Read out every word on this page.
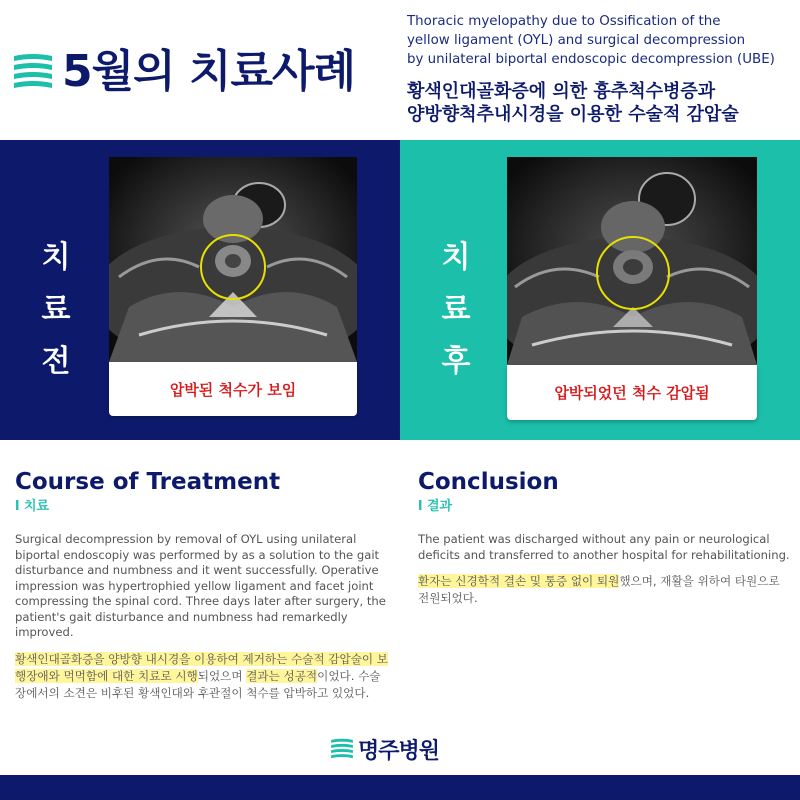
5월의 치료사례
Thoracic myelopathy due to Ossification of the
yellow ligament (OYL) and surgical decompression
by unilateral biportal endoscopic decompression (UBE)
황색인대골화증에 의한 흉추척수병증과
양방향척추내시경을 이용한 수술적 감압술
치
료
전
압박된 척수가 보임
치
료
후
압박되었던 척수 감압됨
Course of Treatment
l 치료
Surgical decompression by removal of OYL using unilateral biportal endoscopiy was performed by as a solution to the gait disturbance and numbness and it went successfully. Operative impression was hypertrophied yellow ligament and facet joint compressing the spinal cord. Three days later after surgery, the patient's gait disturbance and numbness had remarkedly improved.
황색인대골화증을 양방향 내시경을 이용하여 제거하는 수술적 감압술이 보행장애와 먹먹함에 대한 치료로 시행되었으며 결과는 성공적이었다. 수술장에서의 소견은 비후된 황색인대와 후관절이 척수를 압박하고 있었다.
Conclusion
l 결과
The patient was discharged without any pain or neurological deficits and transferred to another hospital for rehabilitationing.
환자는 신경학적 결손 및 통증 없이 퇴원했으며, 재활을 위하여 타원으로 전원되었다.
명주병원
